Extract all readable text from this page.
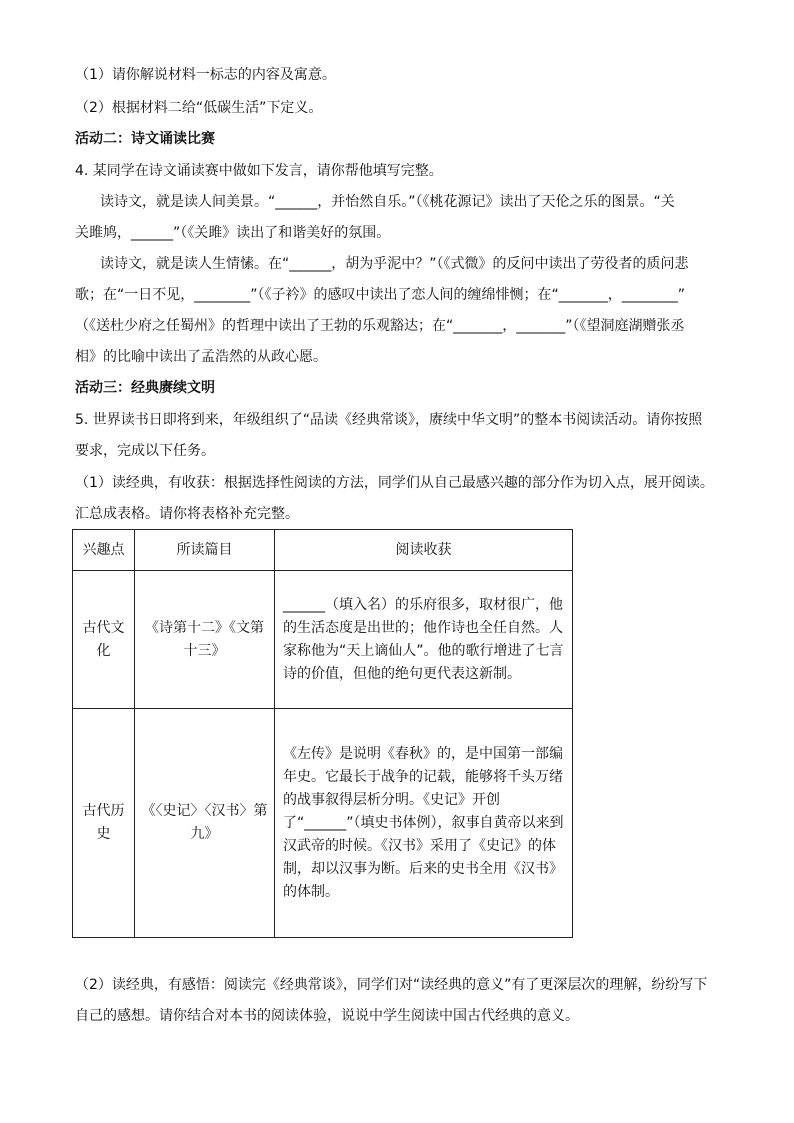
（1）请你解说材料一标志的内容及寓意。
（2）根据材料二给“低碳生活”下定义。
活动二：诗文诵读比赛
4. 某同学在诗文诵读赛中做如下发言，请你帮他填写完整。
读诗文，就是读人间美景。“______，并怡然自乐。”（《桃花源记》读出了天伦之乐的图景。“关
关雎鸠，______”（《关雎》读出了和谐美好的氛围。
读诗文，就是读人生情愫。在“______，胡为乎泥中？”（《式微》的反问中读出了劳役者的质问悲
歌；在“一日不见，________”（《子衿》的感叹中读出了恋人间的缠绵悱恻；在“_______，________”
（《送杜少府之任蜀州》的哲理中读出了王勃的乐观豁达；在“_______，_______”（《望洞庭湖赠张丞
相》的比喻中读出了孟浩然的从政心愿。
活动三：经典赓续文明
5. 世界读书日即将到来，年级组织了“品读《经典常谈》，赓续中华文明”的整本书阅读活动。请你按照
要求，完成以下任务。
（1）读经典，有收获：根据选择性阅读的方法，同学们从自己最感兴趣的部分作为切入点，展开阅读。
汇总成表格。请你将表格补充完整。
兴趣点	所读篇目	阅读收获
古代文化	《诗第十二》《文第十三》	______（填入名）的乐府很多，取材很广，他的生活态度是出世的；他作诗也全任自然。人家称他为“天上谪仙人”。他的歌行增进了七言诗的价值，但他的绝句更代表这新制。
古代历史	《〈史记〉〈汉书〉第九》	《左传》是说明《春秋》的，是中国第一部编年史。它最长于战争的记载，能够将千头万绪的战事叙得层析分明。《史记》开创了“______”（填史书体例），叙事自黄帝以来到汉武帝的时候。《汉书》采用了《史记》的体制，却以汉事为断。后来的史书全用《汉书》的体制。
（2）读经典，有感悟：阅读完《经典常谈》，同学们对“读经典的意义”有了更深层次的理解，纷纷写下
自己的感想。请你结合对本书的阅读体验，说说中学生阅读中国古代经典的意义。
